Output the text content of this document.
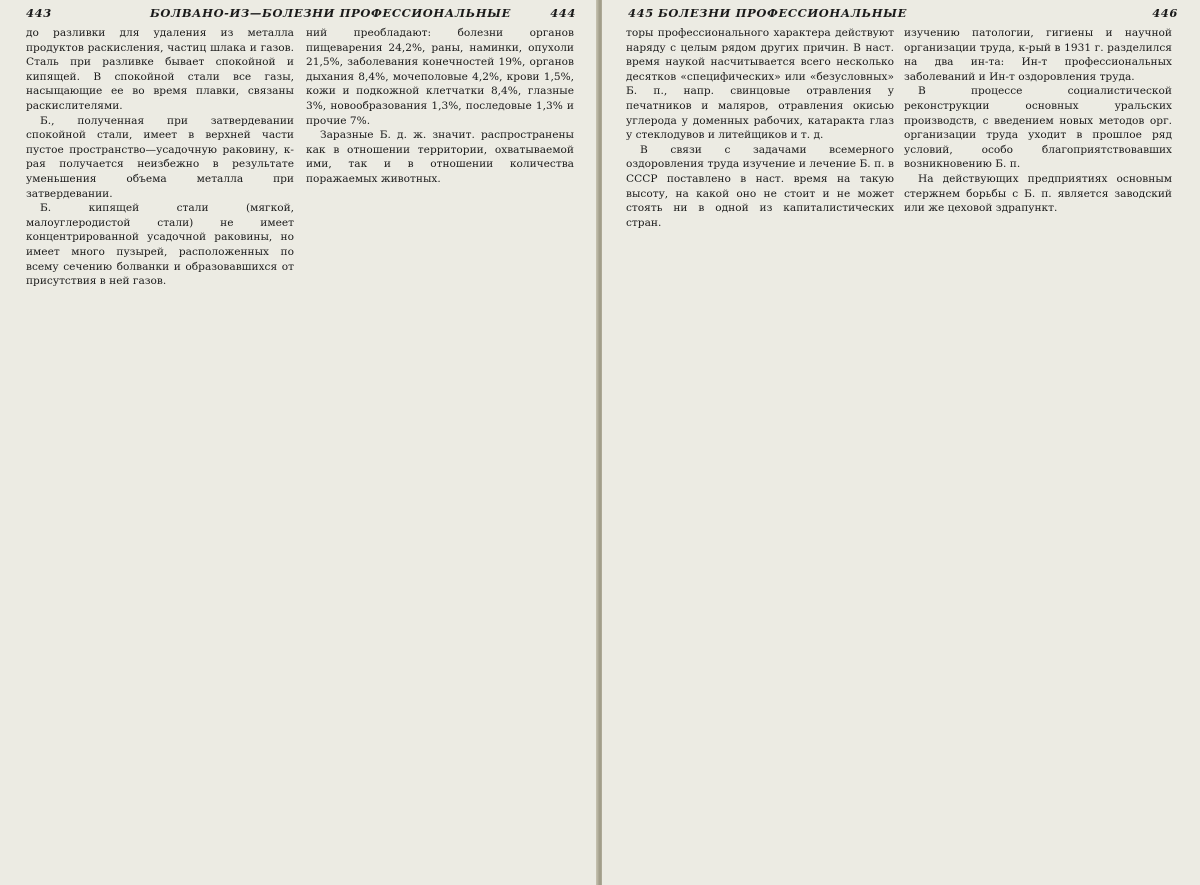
443	БОЛВАНО-ИЗ—БОЛЕЗНИ ПРОФЕССИОНАЛЬНЫЕ	444

до разливки для удаления из металла продуктов раскисления, частиц шлака и газов. Сталь при разливке бывает спокойной и кипящей. В спокойной стали все газы, насыщающие ее во время плавки, связаны раскислителями.

Б., полученная при затвердевании спокойной стали, имеет в верхней части пустое пространство—усадочную раковину, к-рая получается неизбежно в результате уменьшения объема металла при затвердевании.

Б. кипящей стали (мягкой, малоуглеродистой стали) не имеет концентрированной усадочной раковины, но имеет много пузырей, расположенных по всему сечению болванки и образовавшихся от присутствия в ней газов.

ний преобладают: болезни органов пищеварения 24,2%, раны, наминки, опухоли 21,5%, заболевания конечностей 19%, органов дыхания 8,4%, мочеполовые 4,2%, крови 1,5%, кожи и подкожной клетчатки 8,4%, глазные 3%, новообразования 1,3%, последовые 1,3% и прочие 7%.

Заразные Б. д. ж. значит. распространены как в отношении территории, охватываемой ими, так и в отношении количества поражаемых животных.

445 БОЛЕЗНИ ПРОФЕССИОНАЛЬНЫЕ	446

торы профессионального характера действуют наряду с целым рядом других причин. В наст. время наукой насчитывается всего несколько десятков «специфических» или «безусловных» Б. п., напр. свинцовые отравления у печатников и маляров, отравления окисью углерода у доменных рабочих, катаракта глаз у стеклодувов и литейщиков и т. д.

В связи с задачами всемерного оздоровления труда изучение и лечение Б. п. в СССР поставлено в наст. время на такую высоту, на какой оно не стоит и не может стоять ни в одной из капиталистических стран.

изучению патологии, гигиены и научной организации труда, к-рый в 1931 г. разделился на два ин-та: Ин-т профессиональных заболеваний и Ин-т оздоровления труда.

В процессе социалистической реконструкции основных уральских производств, с введением новых методов орг. организации труда уходит в прошлое ряд условий, особо благоприятствовавших возникновению Б. п.

На действующих предприятиях основным стержнем борьбы с Б. п. является заводский или же цеховой здрапункт.
